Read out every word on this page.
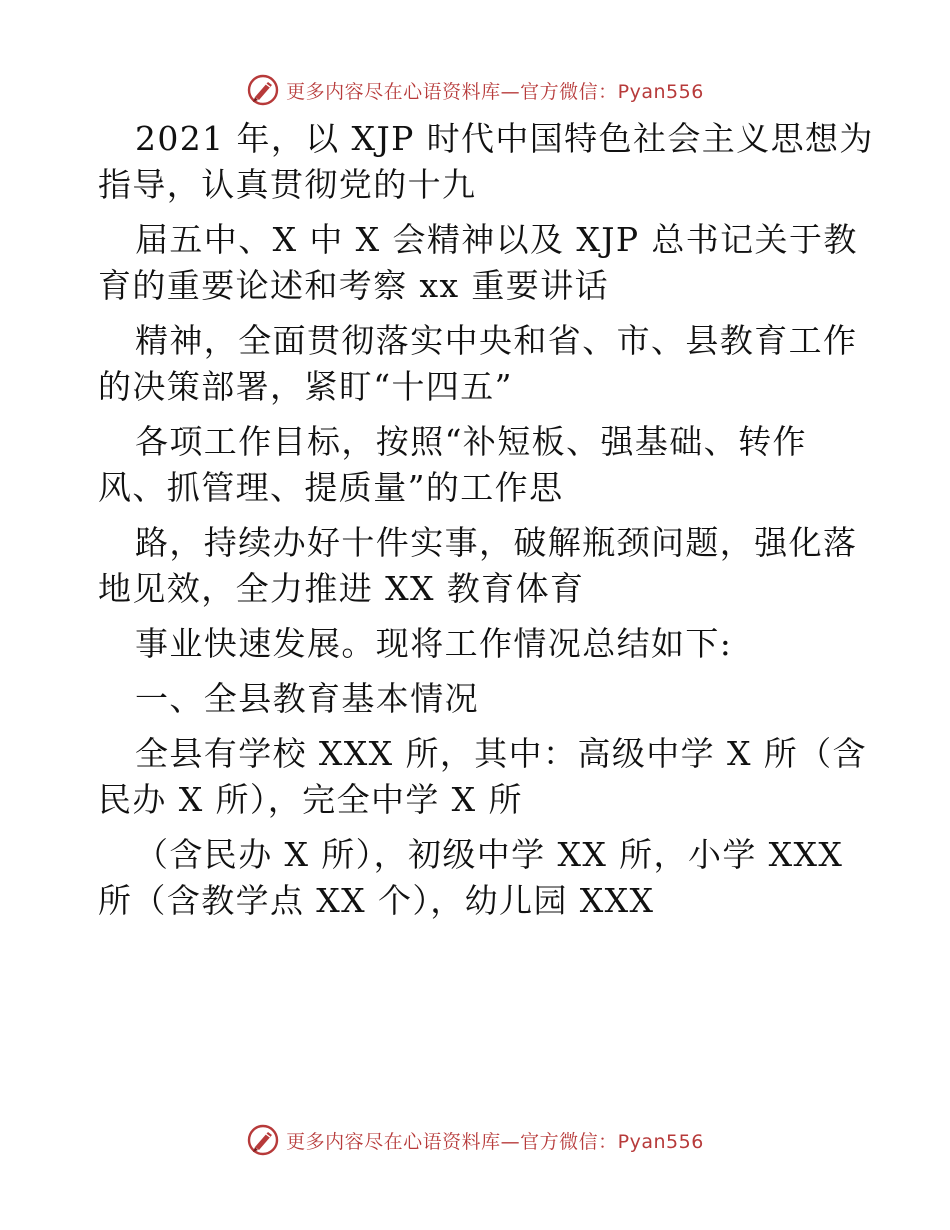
更多内容尽在心语资料库—官方微信：Pyan556
2021 年，以 XJP 时代中国特色社会主义思想为
指导，认真贯彻党的十九
届五中、X 中 X 会精神以及 XJP 总书记关于教
育的重要论述和考察 xx 重要讲话
精神，全面贯彻落实中央和省、市、县教育工作
的决策部署，紧盯“十四五”
各项工作目标，按照“补短板、强基础、转作
风、抓管理、提质量”的工作思
路，持续办好十件实事，破解瓶颈问题，强化落
地见效，全力推进 XX 教育体育
事业快速发展。现将工作情况总结如下:
一、全县教育基本情况
全县有学校 XXX 所，其中：高级中学 X 所（含
民办 X 所），完全中学 X 所
（含民办 X 所），初级中学 XX 所，小学 XXX
所（含教学点 XX 个），幼儿园 XXX
更多内容尽在心语资料库—官方微信：Pyan556
